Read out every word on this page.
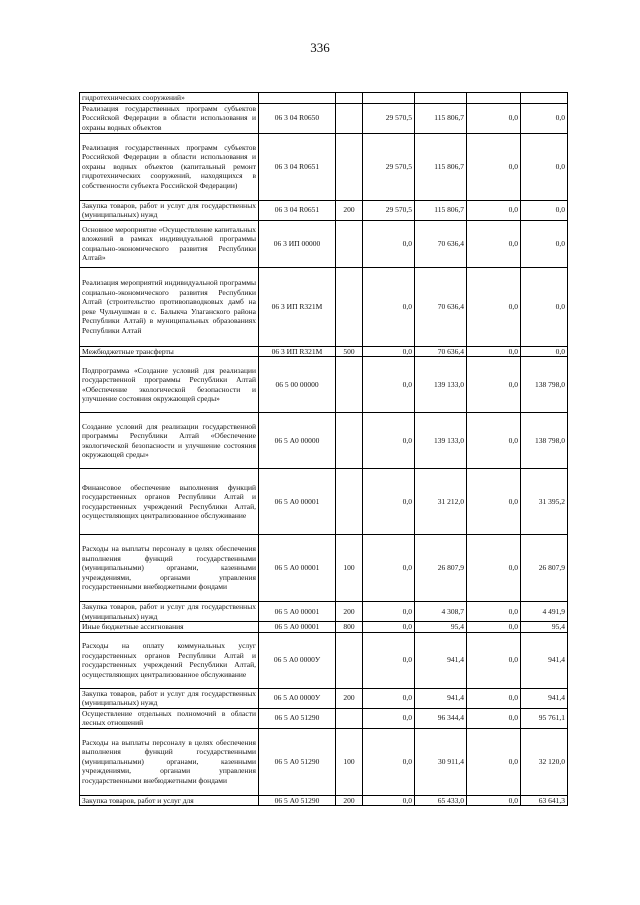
336
гидротехнических сооружений»						
Реализация государственных программ субъектов Российской Федерации в области использования и охраны водных объектов	06 3 04 R0650		29 570,5	115 806,7	0,0	0,0
Реализация государственных программ субъектов Российской Федерации в области использования и охраны водных объектов (капитальный ремонт гидротехнических сооружений, находящихся в собственности субъекта Российской Федерации)	06 3 04 R0651		29 570,5	115 806,7	0,0	0,0
Закупка товаров, работ и услуг для государственных (муниципальных) нужд	06 3 04 R0651	200	29 570,5	115 806,7	0,0	0,0
Основное мероприятие «Осуществление капитальных вложений в рамках индивидуальной программы социально-экономического развития Республики Алтай»	06 3 ИП 00000		0,0	70 636,4	0,0	0,0
Реализация мероприятий индивидуальной программы социально-экономического развития Республики Алтай (строительство противопаводковых дамб на реке Чульчушман в с. Балыкча Улаганского района Республики Алтай) в муниципальных образованиях Республики Алтай	06 3 ИП R321M		0,0	70 636,4	0,0	0,0
Межбюджетные трансферты	06 3 ИП R321M	500	0,0	70 636,4	0,0	0,0
Подпрограмма «Создание условий для реализации государственной программы Республики Алтай «Обеспечение экологической безопасности и улучшение состояния окружающей среды»	06 5 00 00000		0,0	139 133,0	0,0	138 798,0
Создание условий для реализации государственной программы Республики Алтай «Обеспечение экологической безопасности и улучшение состояния окружающей среды»	06 5 А0 00000		0,0	139 133,0	0,0	138 798,0
Финансовое обеспечение выполнения функций государственных органов Республики Алтай и государственных учреждений Республики Алтай, осуществляющих централизованное обслуживание	06 5 А0 00001		0,0	31 212,0	0,0	31 395,2
Расходы на выплаты персоналу в целях обеспечения выполнения функций государственными (муниципальными) органами, казенными учреждениями, органами управления государственными внебюджетными фондами	06 5 А0 00001	100	0,0	26 807,9	0,0	26 807,9
Закупка товаров, работ и услуг для государственных (муниципальных) нужд	06 5 А0 00001	200	0,0	4 308,7	0,0	4 491,9
Иные бюджетные ассигнования	06 5 А0 00001	800	0,0	95,4	0,0	95,4
Расходы на оплату коммунальных услуг государственных органов Республики Алтай и государственных учреждений Республики Алтай, осуществляющих централизованное обслуживание	06 5 А0 0000У		0,0	941,4	0,0	941,4
Закупка товаров, работ и услуг для государственных (муниципальных) нужд	06 5 А0 0000У	200	0,0	941,4	0,0	941,4
Осуществление отдельных полномочий в области лесных отношений	06 5 А0 51290		0,0	96 344,4	0,0	95 761,1
Расходы на выплаты персоналу в целях обеспечения выполнения функций государственными (муниципальными) органами, казенными учреждениями, органами управления государственными внебюджетными фондами	06 5 А0 51290	100	0,0	30 911,4	0,0	32 120,0
Закупка товаров, работ и услуг для	06 5 А0 51290	200	0,0	65 433,0	0,0	63 641,3
